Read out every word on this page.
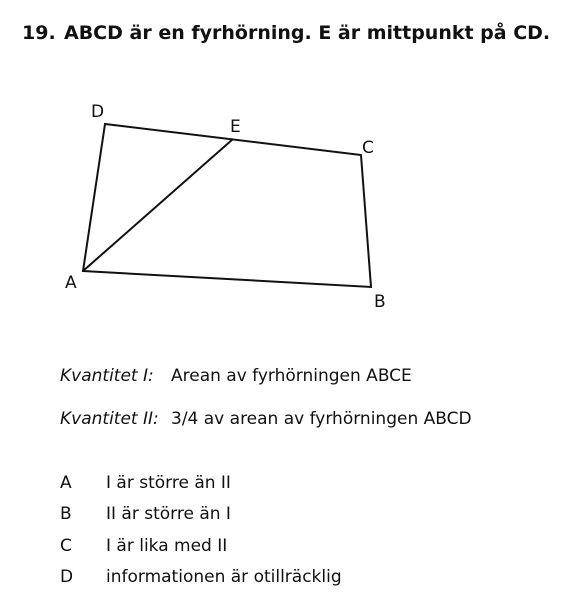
19. ABCD är en fyrhörning. E är mittpunkt på CD.
D
E
C
A
B
Kvantitet I: Arean av fyrhörningen ABCE
Kvantitet II: 3/4 av arean av fyrhörningen ABCD
A I är större än II
B II är större än I
C I är lika med II
D informationen är otillräcklig
